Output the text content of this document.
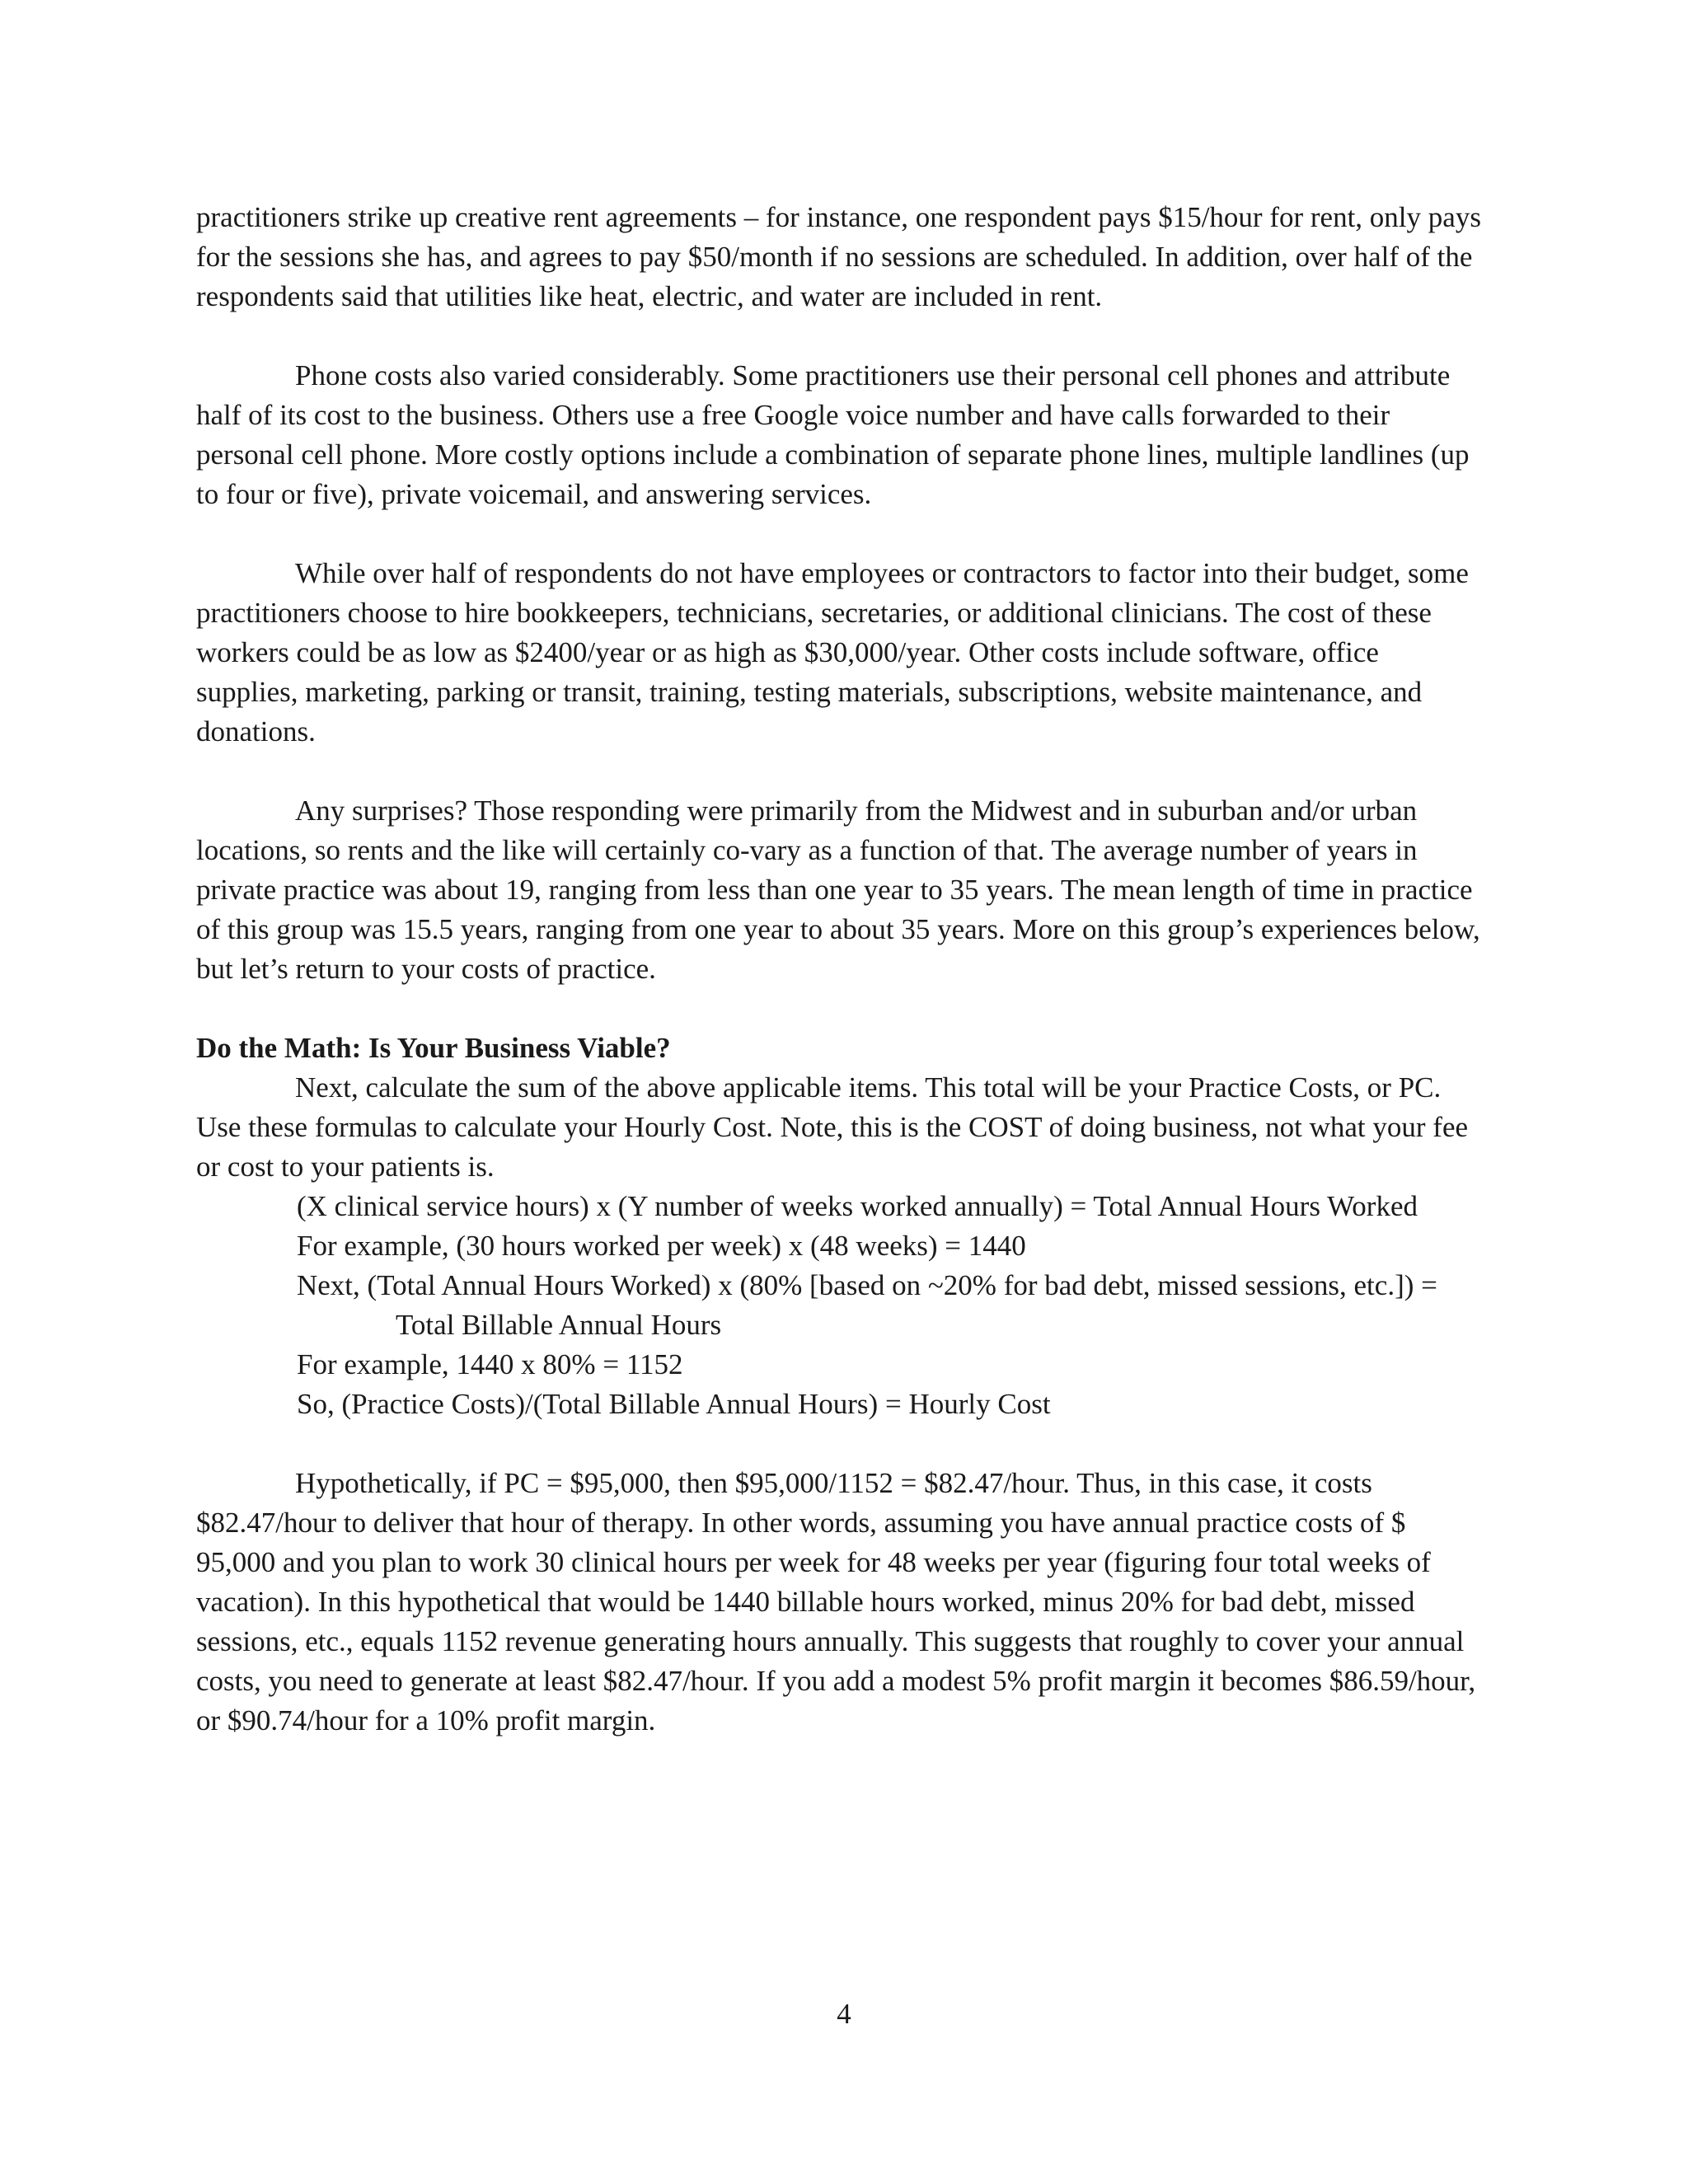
practitioners strike up creative rent agreements – for instance, one respondent pays $15/hour for rent, only pays for the sessions she has, and agrees to pay $50/month if no sessions are scheduled. In addition, over half of the respondents said that utilities like heat, electric, and water are included in rent.

Phone costs also varied considerably. Some practitioners use their personal cell phones and attribute half of its cost to the business. Others use a free Google voice number and have calls forwarded to their personal cell phone. More costly options include a combination of separate phone lines, multiple landlines (up to four or five), private voicemail, and answering services.

While over half of respondents do not have employees or contractors to factor into their budget, some practitioners choose to hire bookkeepers, technicians, secretaries, or additional clinicians. The cost of these workers could be as low as $2400/year or as high as $30,000/year. Other costs include software, office supplies, marketing, parking or transit, training, testing materials, subscriptions, website maintenance, and donations.

Any surprises? Those responding were primarily from the Midwest and in suburban and/or urban locations, so rents and the like will certainly co-vary as a function of that. The average number of years in private practice was about 19, ranging from less than one year to 35 years. The mean length of time in practice of this group was 15.5 years, ranging from one year to about 35 years. More on this group’s experiences below, but let’s return to your costs of practice.

Do the Math: Is Your Business Viable?

Next, calculate the sum of the above applicable items. This total will be your Practice Costs, or PC. Use these formulas to calculate your Hourly Cost. Note, this is the COST of doing business, not what your fee or cost to your patients is.

(X clinical service hours) x (Y number of weeks worked annually) = Total Annual Hours Worked

For example, (30 hours worked per week) x (48 weeks) = 1440

Next, (Total Annual Hours Worked) x (80% [based on ~20% for bad debt, missed sessions, etc.]) = Total Billable Annual Hours

For example, 1440 x 80% = 1152

So, (Practice Costs)/(Total Billable Annual Hours) = Hourly Cost

Hypothetically, if PC = $95,000, then $95,000/1152 = $82.47/hour. Thus, in this case, it costs $82.47/hour to deliver that hour of therapy. In other words, assuming you have annual practice costs of $ 95,000 and you plan to work 30 clinical hours per week for 48 weeks per year (figuring four total weeks of vacation). In this hypothetical that would be 1440 billable hours worked, minus 20% for bad debt, missed sessions, etc., equals 1152 revenue generating hours annually. This suggests that roughly to cover your annual costs, you need to generate at least $82.47/hour. If you add a modest 5% profit margin it becomes $86.59/hour, or $90.74/hour for a 10% profit margin.

4
